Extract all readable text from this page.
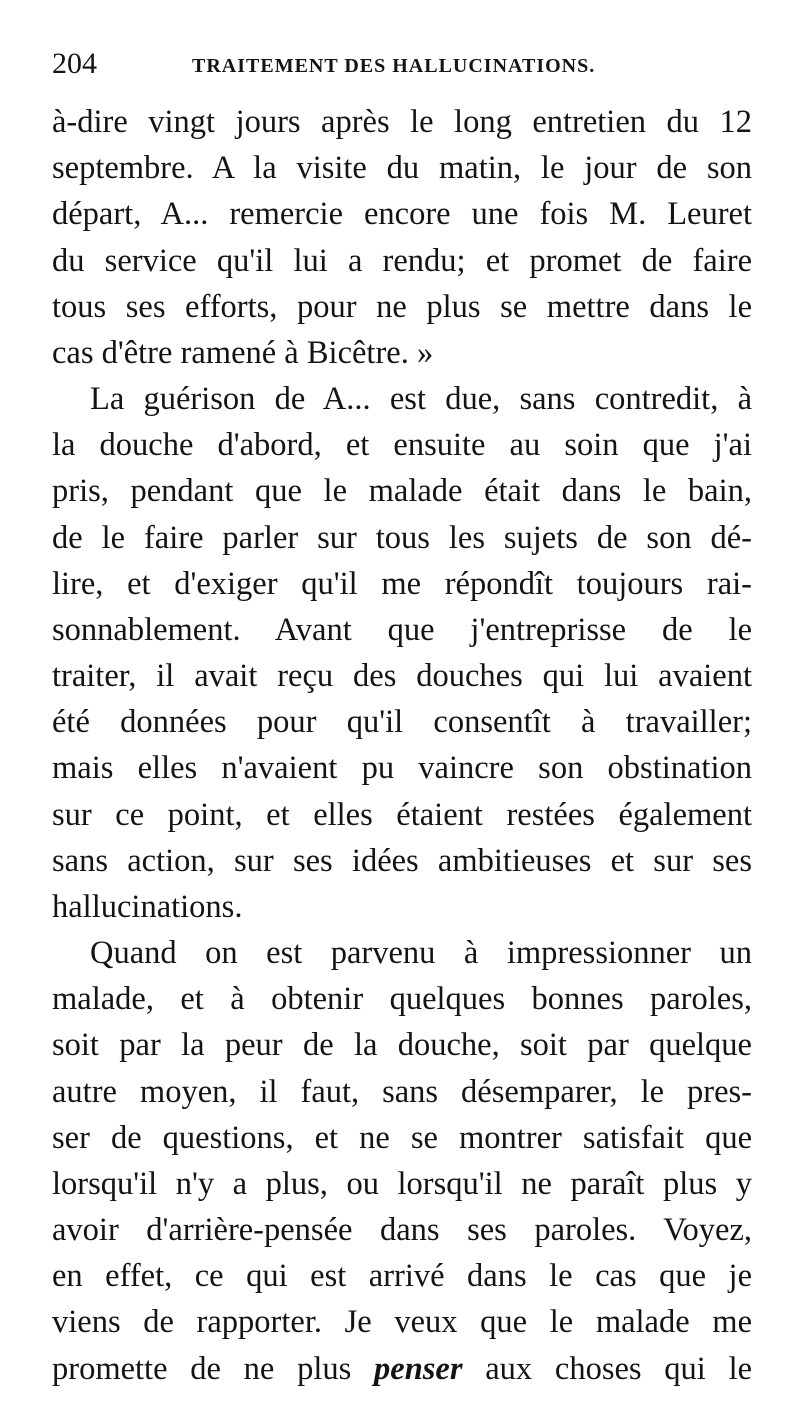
204	TRAITEMENT DES HALLUCINATIONS.
à-dire vingt jours après le long entretien du 12
septembre. A la visite du matin, le jour de son
départ, A... remercie encore une fois M. Leuret
du service qu'il lui a rendu; et promet de faire
tous ses efforts, pour ne plus se mettre dans le
cas d'être ramené à Bicêtre. »
La guérison de A... est due, sans contredit, à
la douche d'abord, et ensuite au soin que j'ai
pris, pendant que le malade était dans le bain,
de le faire parler sur tous les sujets de son dé-
lire, et d'exiger qu'il me répondît toujours rai-
sonnablement. Avant que j'entreprisse de le
traiter, il avait reçu des douches qui lui avaient
été données pour qu'il consentît à travailler;
mais elles n'avaient pu vaincre son obstination
sur ce point, et elles étaient restées également
sans action, sur ses idées ambitieuses et sur ses
hallucinations.
Quand on est parvenu à impressionner un
malade, et à obtenir quelques bonnes paroles,
soit par la peur de la douche, soit par quelque
autre moyen, il faut, sans désemparer, le pres-
ser de questions, et ne se montrer satisfait que
lorsqu'il n'y a plus, ou lorsqu'il ne paraît plus y
avoir d'arrière-pensée dans ses paroles. Voyez,
en effet, ce qui est arrivé dans le cas que je
viens de rapporter. Je veux que le malade me
promette de ne plus penser aux choses qui le
